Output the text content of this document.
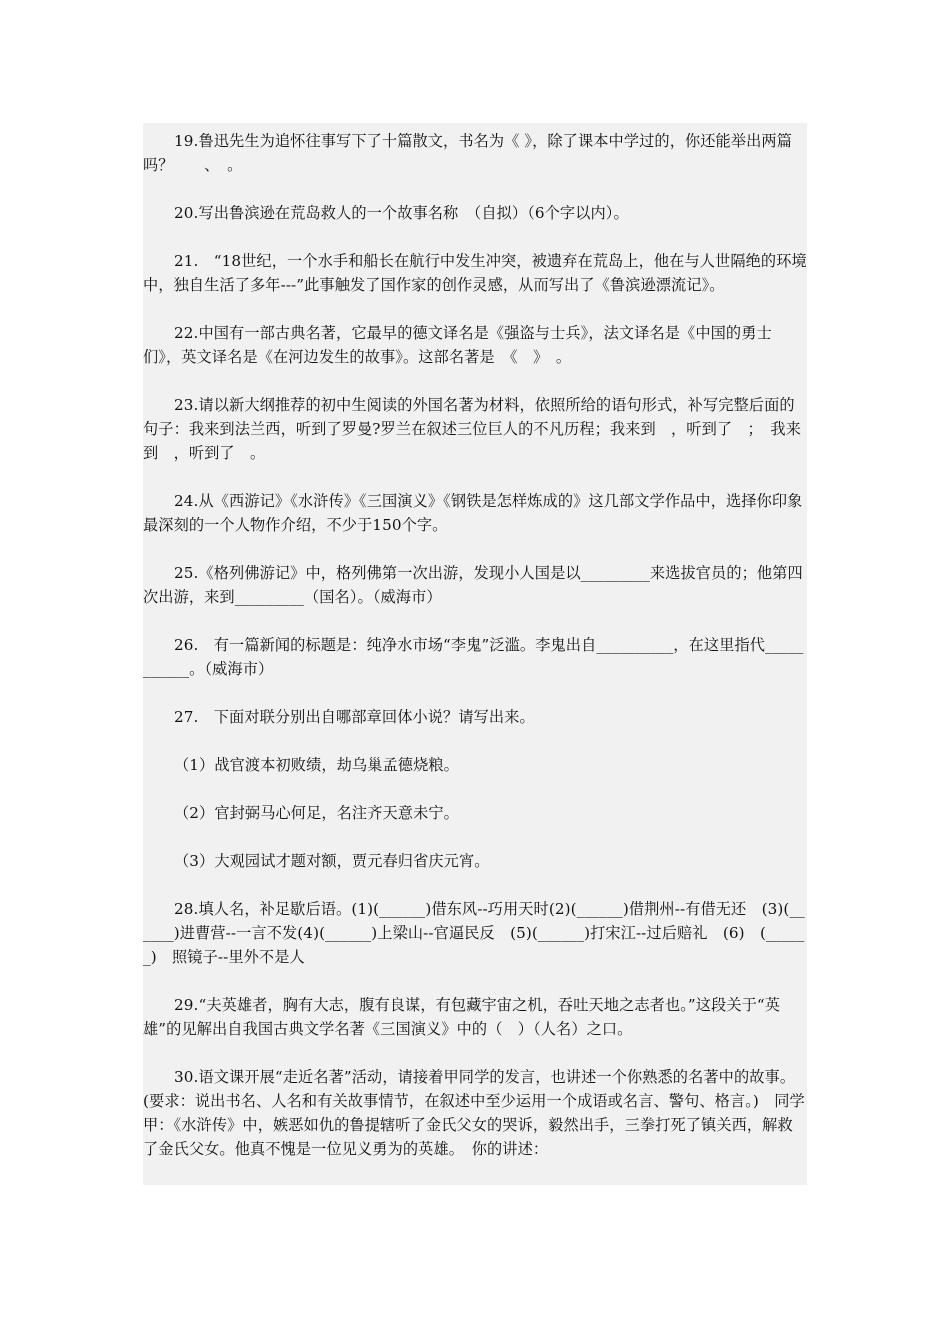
19.鲁迅先生为追怀往事写下了十篇散文，书名为《 》，除了课本中学过的，你还能举出两篇吗？　　、　。

20.写出鲁滨逊在荒岛救人的一个故事名称　（自拟）（6个字以内）。

21.　“18世纪，一个水手和船长在航行中发生冲突，被遗弃在荒岛上，他在与人世隔绝的环境中，独自生活了多年---”此事触发了国作家的创作灵感，从而写出了《鲁滨逊漂流记》。

22.中国有一部古典名著，它最早的德文译名是《强盗与士兵》，法文译名是《中国的勇士们》，英文译名是《在河边发生的故事》。这部名著是　《　》　。

23.请以新大纲推荐的初中生阅读的外国名著为材料，依照所给的语句形式，补写完整后面的句子：我来到法兰西，听到了罗曼?罗兰在叙述三位巨人的不凡历程；我来到　，听到了　；　我来到　，听到了　。

24.从《西游记》《水浒传》《三国演义》《钢铁是怎样炼成的》这几部文学作品中，选择你印象最深刻的一个人物作介绍，不少于150个字。

25.《格列佛游记》中，格列佛第一次出游，发现小人国是以_________来选拔官员的；他第四次出游，来到_________（国名）。（威海市）

26.　有一篇新闻的标题是：纯净水市场“李鬼”泛滥。李鬼出自__________，在这里指代___________。（威海市）

27.　下面对联分别出自哪部章回体小说？请写出来。

（1）战官渡本初败绩，劫乌巢孟德烧粮。

（2）官封弼马心何足，名注齐天意未宁。

（3）大观园试才题对额，贾元春归省庆元宵。

28.填人名，补足歇后语。(1)(______)借东风--巧用天时(2)(______)借荆州--有借无还　(3)(______)进曹营--一言不发(4)(______)上梁山--官逼民反　(5)(______)打宋江--过后赔礼　(6)　(______)　照镜子--里外不是人

29.“夫英雄者，胸有大志，腹有良谋，有包藏宇宙之机，吞吐天地之志者也。”这段关于“英雄”的见解出自我国古典文学名著《三国演义》中的（　）（人名）之口。

30.语文课开展“走近名著”活动，请接着甲同学的发言，也讲述一个你熟悉的名著中的故事。(要求：说出书名、人名和有关故事情节，在叙述中至少运用一个成语或名言、警句、格言。)　同学甲：《水浒传》中，嫉恶如仇的鲁提辖听了金氏父女的哭诉，毅然出手，三拳打死了镇关西，解救了金氏父女。他真不愧是一位见义勇为的英雄。　你的讲述：
